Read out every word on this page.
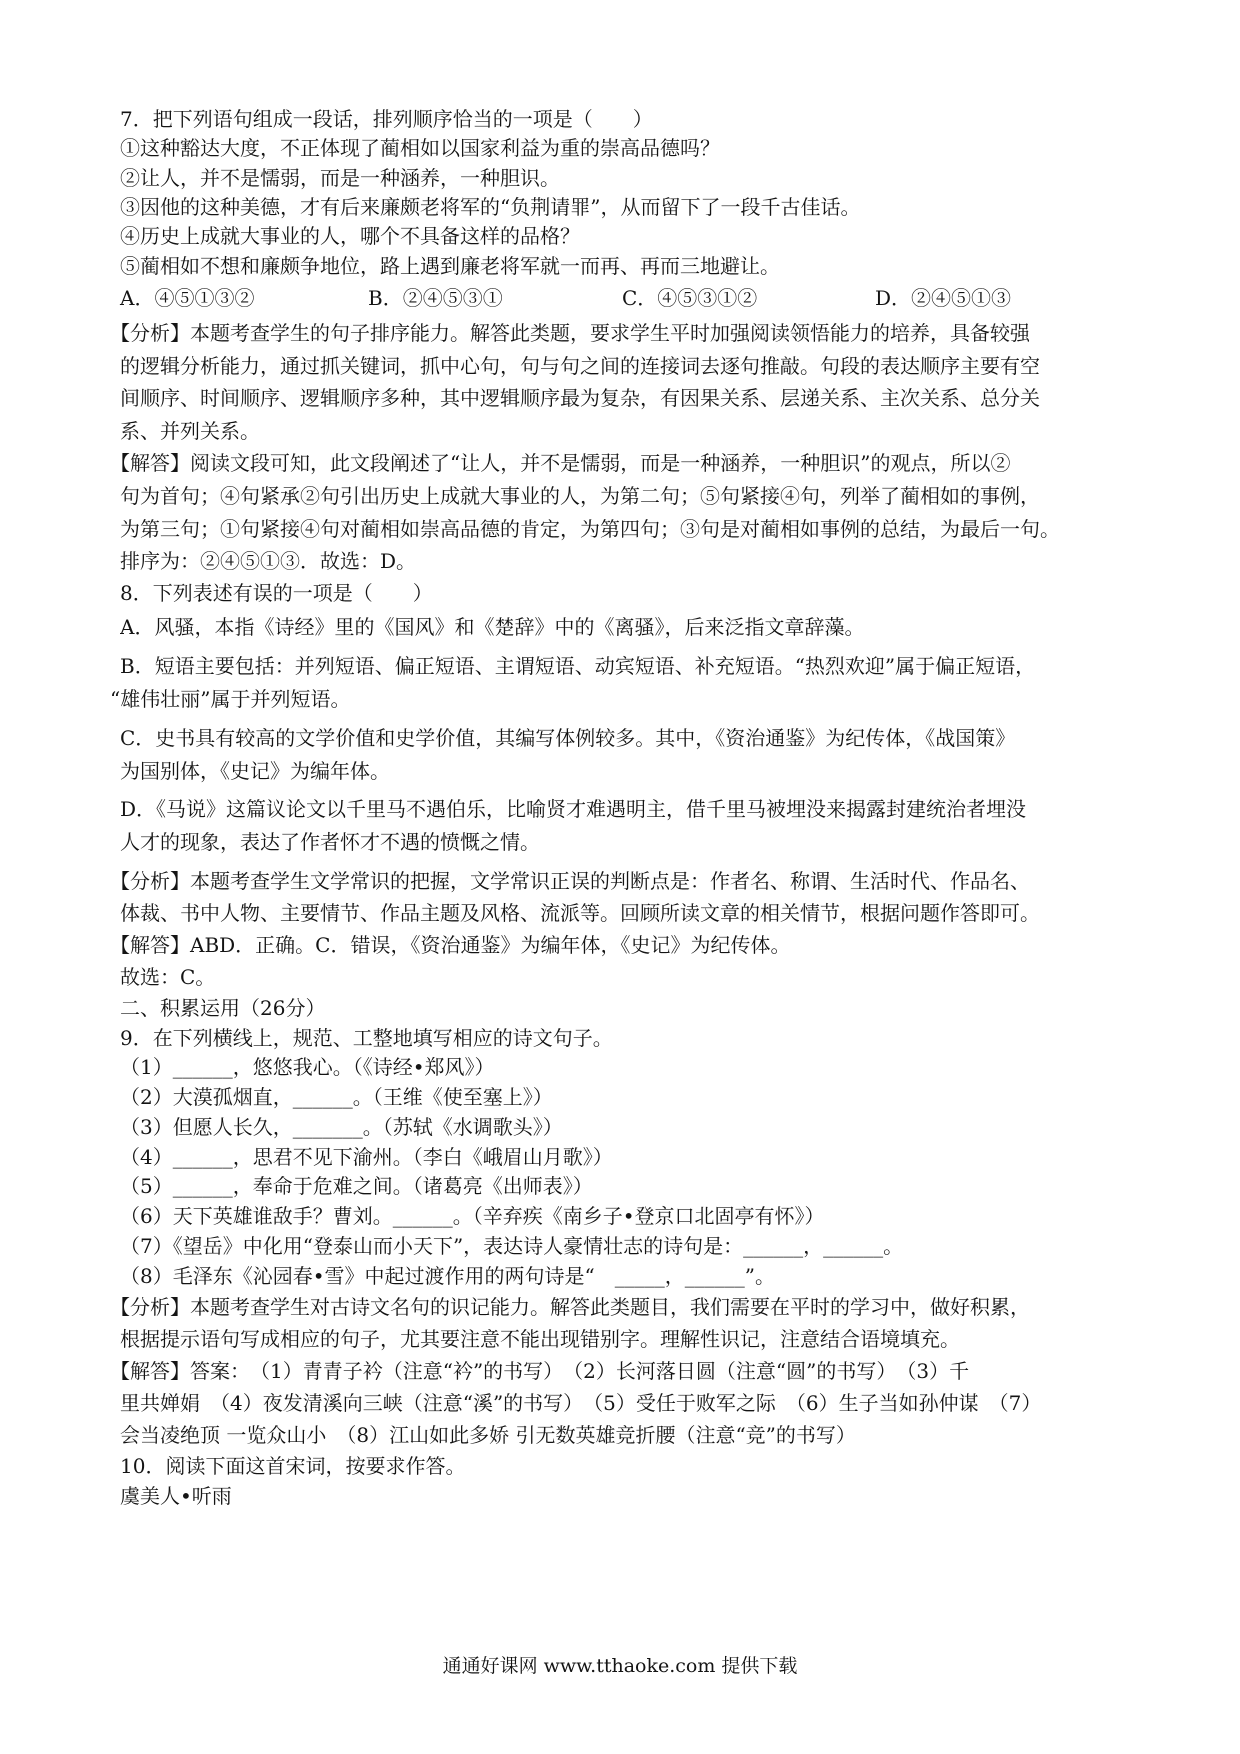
7．把下列语句组成一段话，排列顺序恰当的一项是（　　）
①这种豁达大度，不正体现了蔺相如以国家利益为重的崇高品德吗？
②让人，并不是懦弱，而是一种涵养，一种胆识。
③因他的这种美德，才有后来廉颇老将军的“负荆请罪”，从而留下了一段千古佳话。
④历史上成就大事业的人，哪个不具备这样的品格？
⑤蔺相如不想和廉颇争地位，路上遇到廉老将军就一而再、再而三地避让。
A．④⑤①③②	B．②④⑤③①	C．④⑤③①②	D．②④⑤①③
【分析】本题考查学生的句子排序能力。解答此类题，要求学生平时加强阅读领悟能力的培养，具备较强
的逻辑分析能力，通过抓关键词，抓中心句，句与句之间的连接词去逐句推敲。句段的表达顺序主要有空
间顺序、时间顺序、逻辑顺序多种，其中逻辑顺序最为复杂，有因果关系、层递关系、主次关系、总分关
系、并列关系。
【解答】阅读文段可知，此文段阐述了“让人，并不是懦弱，而是一种涵养，一种胆识”的观点，所以②
句为首句；④句紧承②句引出历史上成就大事业的人，为第二句；⑤句紧接④句，列举了蔺相如的事例，
为第三句；①句紧接④句对蔺相如崇高品德的肯定，为第四句；③句是对蔺相如事例的总结，为最后一句。
排序为：②④⑤①③．故选：D。
8．下列表述有误的一项是（　　）
A．风骚，本指《诗经》里的《国风》和《楚辞》中的《离骚》，后来泛指文章辞藻。
B．短语主要包括：并列短语、偏正短语、主谓短语、动宾短语、补充短语。“热烈欢迎”属于偏正短语，
“雄伟壮丽”属于并列短语。
C．史书具有较高的文学价值和史学价值，其编写体例较多。其中，《资治通鉴》为纪传体，《战国策》
为国别体，《史记》为编年体。
D．《马说》这篇议论文以千里马不遇伯乐，比喻贤才难遇明主，借千里马被埋没来揭露封建统治者埋没
人才的现象，表达了作者怀才不遇的愤慨之情。
【分析】本题考查学生文学常识的把握，文学常识正误的判断点是：作者名、称谓、生活时代、作品名、
体裁、书中人物、主要情节、作品主题及风格、流派等。回顾所读文章的相关情节，根据问题作答即可。
【解答】ABD．正确。C．错误，《资治通鉴》为编年体，《史记》为纪传体。
故选：C。
二、积累运用（26分）
9．在下列横线上，规范、工整地填写相应的诗文句子。
（1）______，悠悠我心。（《诗经•郑风》）
（2）大漠孤烟直，______。（王维《使至塞上》）
（3）但愿人长久，_______。（苏轼《水调歌头》）
（4）______，思君不见下渝州。（李白《峨眉山月歌》）
（5）______，奉命于危难之间。（诸葛亮《出师表》）
（6）天下英雄谁敌手？曹刘。______。（辛弃疾《南乡子•登京口北固亭有怀》）
（7）《望岳》中化用“登泰山而小天下”，表达诗人豪情壮志的诗句是：______，______。
（8）毛泽东《沁园春•雪》中起过渡作用的两句诗是“　_____，______”。
【分析】本题考查学生对古诗文名句的识记能力。解答此类题目，我们需要在平时的学习中，做好积累，
根据提示语句写成相应的句子，尤其要注意不能出现错别字。理解性识记，注意结合语境填充。
【解答】答案：　（1）青青子衿（注意“衿”的书写）　（2）长河落日圆（注意“圆”的书写）　（3）千
里共婵娟　（4）夜发清溪向三峡（注意“溪”的书写）　（5）受任于败军之际　（6）生子当如孙仲谋　（7）
会当凌绝顶 一览众山小　（8）江山如此多娇 引无数英雄竞折腰（注意“竞”的书写）
10．阅读下面这首宋词，按要求作答。
虞美人•听雨
通通好课网 www.tthaoke.com 提供下载
